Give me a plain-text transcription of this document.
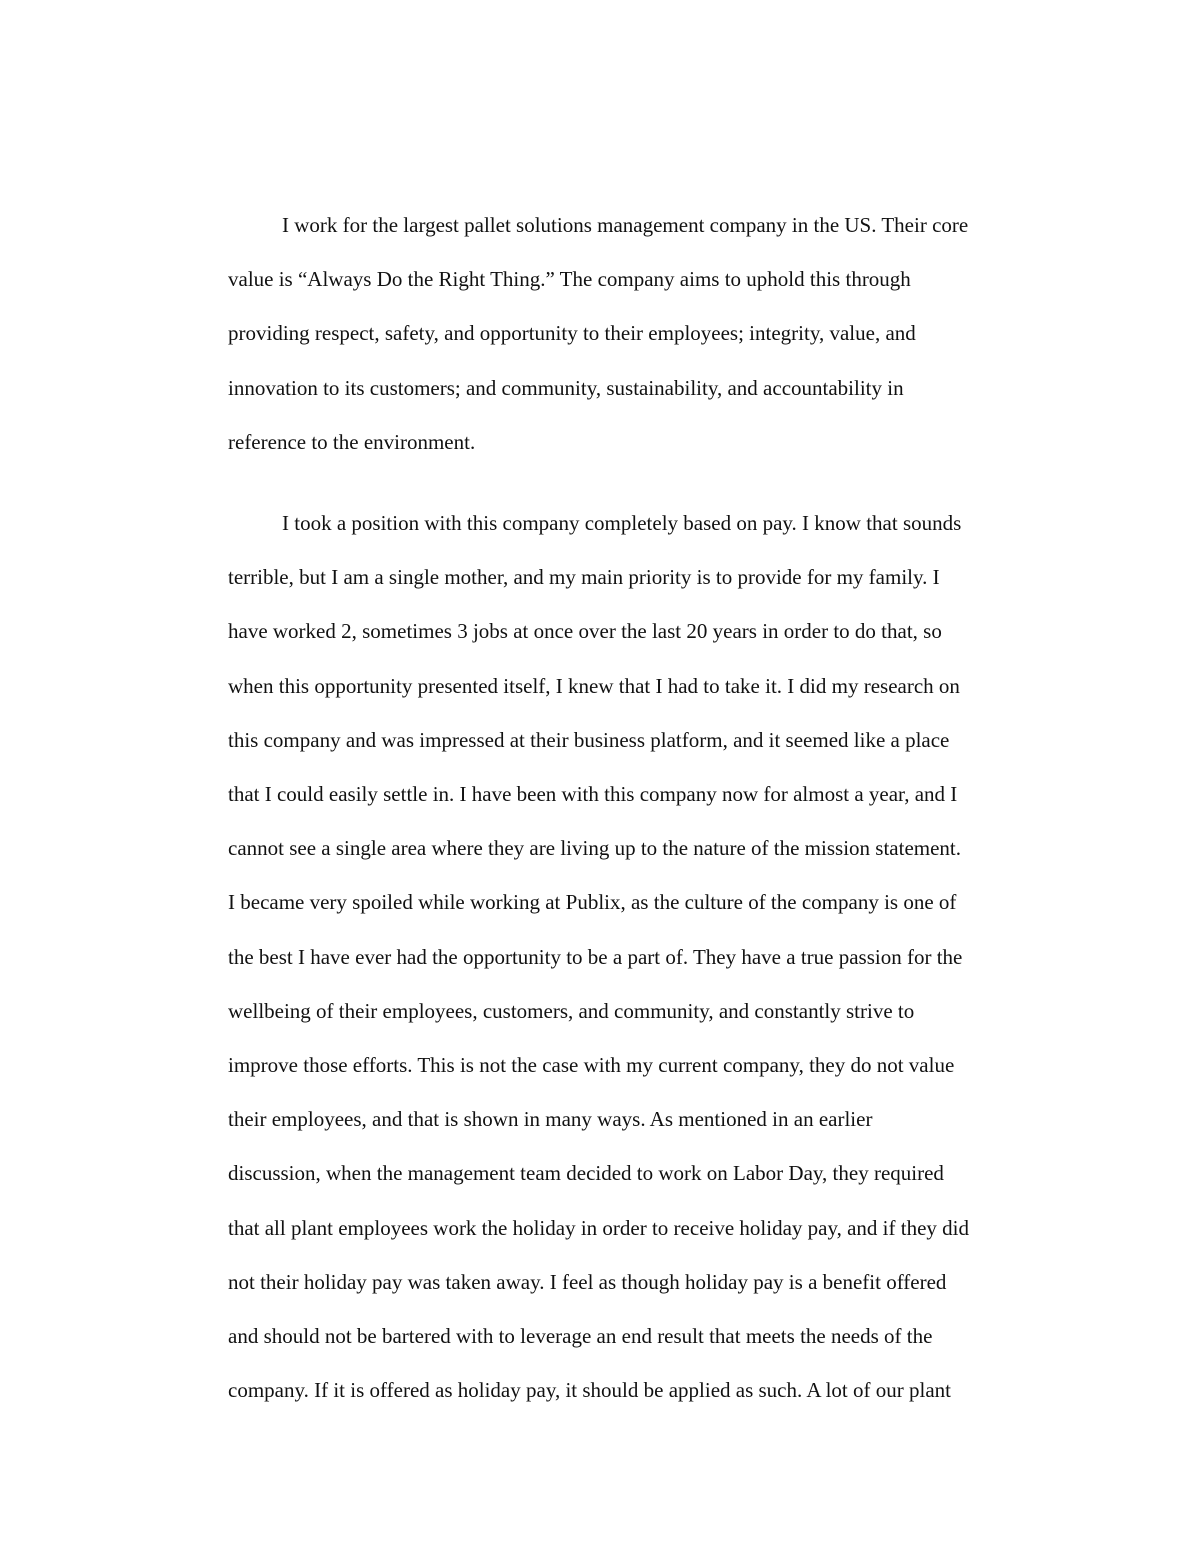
I work for the largest pallet solutions management company in the US. Their core
value is “Always Do the Right Thing.” The company aims to uphold this through
providing respect, safety, and opportunity to their employees; integrity, value, and
innovation to its customers; and community, sustainability, and accountability in
reference to the environment.
I took a position with this company completely based on pay. I know that sounds
terrible, but I am a single mother, and my main priority is to provide for my family. I
have worked 2, sometimes 3 jobs at once over the last 20 years in order to do that, so
when this opportunity presented itself, I knew that I had to take it. I did my research on
this company and was impressed at their business platform, and it seemed like a place
that I could easily settle in. I have been with this company now for almost a year, and I
cannot see a single area where they are living up to the nature of the mission statement.
I became very spoiled while working at Publix, as the culture of the company is one of
the best I have ever had the opportunity to be a part of. They have a true passion for the
wellbeing of their employees, customers, and community, and constantly strive to
improve those efforts. This is not the case with my current company, they do not value
their employees, and that is shown in many ways. As mentioned in an earlier
discussion, when the management team decided to work on Labor Day, they required
that all plant employees work the holiday in order to receive holiday pay, and if they did
not their holiday pay was taken away. I feel as though holiday pay is a benefit offered
and should not be bartered with to leverage an end result that meets the needs of the
company. If it is offered as holiday pay, it should be applied as such. A lot of our plant
